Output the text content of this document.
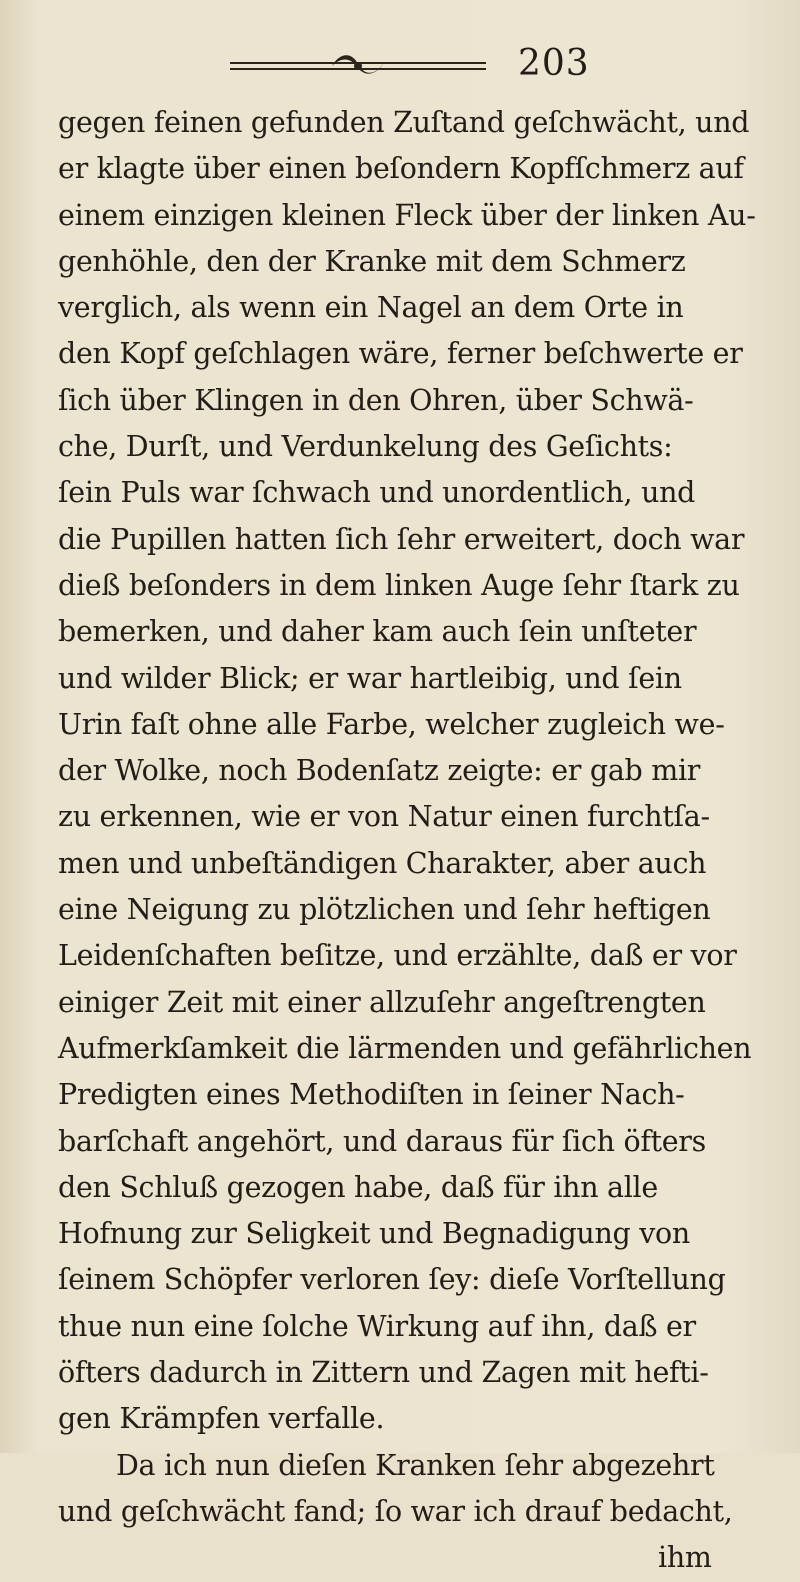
203
gegen feinen gefunden Zuſtand geſchwächt, und
er klagte über einen beſondern Kopfſchmerz auf
einem einzigen kleinen Fleck über der linken Au-
genhöhle, den der Kranke mit dem Schmerz
verglich, als wenn ein Nagel an dem Orte in
den Kopf geſchlagen wäre, ferner beſchwerte er
ſich über Klingen in den Ohren, über Schwä-
che, Durſt, und Verdunkelung des Geſichts:
ſein Puls war ſchwach und unordentlich, und
die Pupillen hatten ſich ſehr erweitert, doch war
dieß beſonders in dem linken Auge ſehr ſtark zu
bemerken, und daher kam auch ſein unſteter
und wilder Blick; er war hartleibig, und ſein
Urin faſt ohne alle Farbe, welcher zugleich we-
der Wolke, noch Bodenſatz zeigte: er gab mir
zu erkennen, wie er von Natur einen furchtſa-
men und unbeſtändigen Charakter, aber auch
eine Neigung zu plötzlichen und ſehr heftigen
Leidenſchaften beſitze, und erzählte, daß er vor
einiger Zeit mit einer allzuſehr angeſtrengten
Aufmerkſamkeit die lärmenden und gefährlichen
Predigten eines Methodiſten in ſeiner Nach-
barſchaft angehört, und daraus für ſich öfters
den Schluß gezogen habe, daß für ihn alle
Hofnung zur Seligkeit und Begnadigung von
ſeinem Schöpfer verloren ſey: dieſe Vorſtellung
thue nun eine ſolche Wirkung auf ihn, daß er
öfters dadurch in Zittern und Zagen mit hefti-
gen Krämpfen verfalle.
Da ich nun dieſen Kranken ſehr abgezehrt
und geſchwächt fand; ſo war ich drauf bedacht,
ihm
